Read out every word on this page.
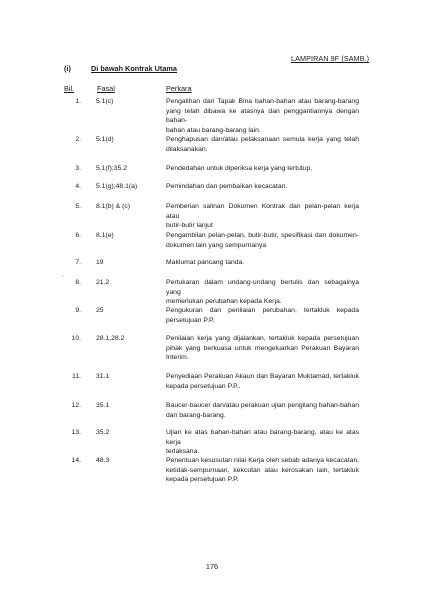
LAMPIRAN 9F (SAMB.)
(i)	Di bawah Kontrak Utama
Bil.	Fasal	Perkara
1. 5.1(c)	Pengalihan dari Tapak Bina bahan-bahan atau barang-barang
yang telah dibawa ke atasnya dan penggantiannya dengan bahan-
bahan atau barang-barang lain.
2. 5.1(d)	Penghapusan dan/atau pelaksanaan semula kerja yang telah
dilaksanakan.
3. 5.1(f);35.2	Pendedahan untuk diperiksa kerja yang tertutup.
4. 5.1(g);48.1(a)	Pemindahan dan pembaikan kecacatan.
5. 8.1(b) & (c)	Pemberian salinan Dokumen Kontrak dan pelan-pelan kerja atau
butir-butir lanjut
6. 8.1(e)	Pengambilan pelan-pelan, butir-butir, spesifikasi dan dokumen-
dokumen lain yang sempurnanya
7. 19	Maklumat pancang tanda.
8. 21.2	Pertukaran dalam undang-undang bertulis dan sebagainya yang
memerlukan perubahan kepada Kerja.
9. 25	Pengukuran dan penilaian perubahan, tertakluk kepada
persetujuan P.P.
10. 28.1,28.2	Penilaian kerja yang dijalankan, tertakluk kepada persetujuan
pihak yang berkuasa untuk mengeluarkan Perakuan Bayaran
Interim.
11. 31.1	Penyediaan Perakuan Akaun dan Bayaran Muktamad, tertakluk
kepada persetujuan P.P..
12. 35.1	Baucer-baucer dan/atau perakuan ujian pengilang bahan-bahan
dan barang-barang.
13. 35.2	Ujian ke atas bahan-bahan atau barang-barang, atau ke atas kerja
terlaksana.
14. 48.3	Penentuan kesusutan nilai Kerja oleh sebab adanya kecacatan,
ketidak-sempurnaan, kekcutan atau kerosakan lain, tertakluk
kepada persetujuan P.P.
.
176
